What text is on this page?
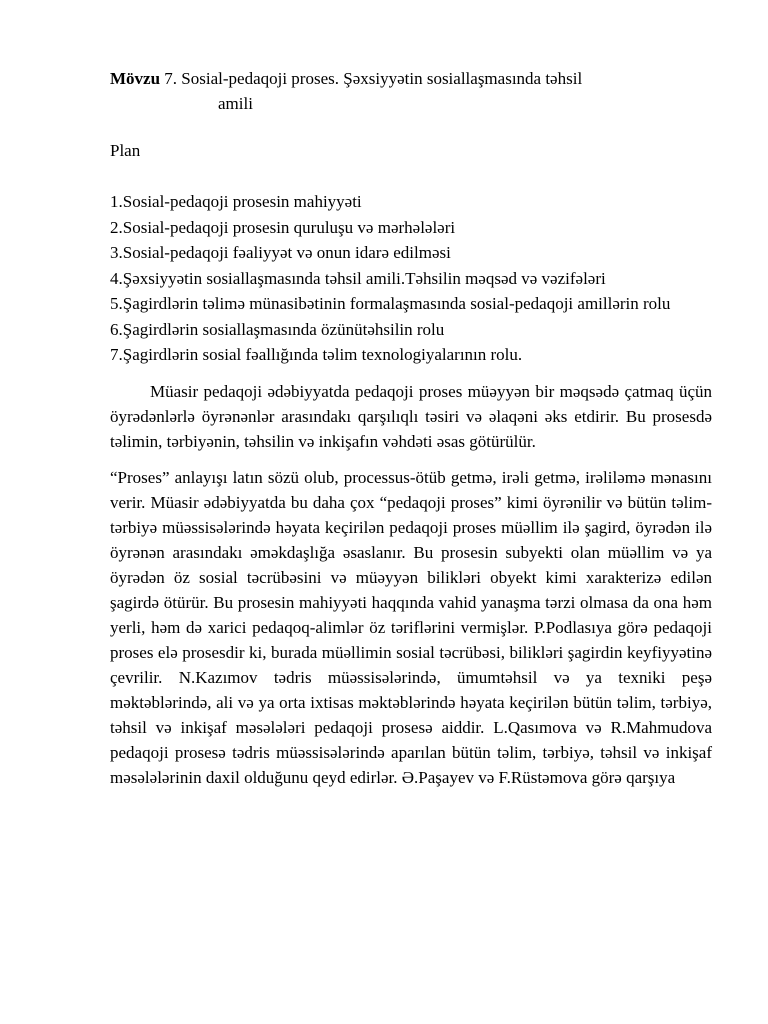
Mövzu 7. Sosial-pedaqoji proses. Şəxsiyyətin sosiallaşmasında təhsil

amili

Plan

1.Sosial-pedaqoji prosesin mahiyyəti
2.Sosial-pedaqoji prosesin quruluşu və mərhələləri
3.Sosial-pedaqoji fəaliyyət və onun idarə edilməsi
4.Şəxsiyyətin sosiallaşmasında təhsil amili.Təhsilin məqsəd və vəzifələri
5.Şagirdlərin təlimə münasibətinin formalaşmasında sosial-pedaqoji amillərin rolu
6.Şagirdlərin sosiallaşmasında özünütəhsilin rolu
7.Şagirdlərin sosial fəallığında təlim texnologiyalarının rolu.

Müasir pedaqoji ədəbiyyatda pedaqoji proses müəyyən bir məqsədə çatmaq üçün öyrədənlərlə öyrənənlər arasındakı qarşılıqlı təsiri və əlaqəni əks etdirir. Bu prosesdə təlimin, tərbiyənin, təhsilin və inkişafın vəhdəti əsas götürülür.

“Proses” anlayışı latın sözü olub, processus-ötüb getmə, irəli getmə, irəliləmə mənasını verir. Müasir ədəbiyyatda bu daha çox “pedaqoji proses” kimi öyrənilir və bütün təlim-tərbiyə müəssisələrində həyata keçirilən pedaqoji proses müəllim ilə şagird, öyrədən ilə öyrənən arasındakı əməkdaşlığa əsaslanır. Bu prosesin subyekti olan müəllim və ya öyrədən öz sosial təcrübəsini və müəyyən bilikləri obyekt kimi xarakterizə edilən şagirdə ötürür. Bu prosesin mahiyyəti haqqında vahid yanaşma tərzi olmasa da ona həm yerli, həm də xarici pedaqoq-alimlər öz təriflərini vermişlər. P.Podlasıya görə pedaqoji proses elə prosesdir ki, burada müəllimin sosial təcrübəsi, bilikləri şagirdin keyfiyyətinə çevrilir. N.Kazımov tədris müəssisələrində, ümumtəhsil və ya texniki peşə məktəblərində, ali və ya orta ixtisas məktəblərində həyata keçirilən bütün təlim, tərbiyə, təhsil və inkişaf məsələləri pedaqoji prosesə aiddir. L.Qasımova və R.Mahmudova pedaqoji prosesə tədris müəssisələrində aparılan bütün təlim, tərbiyə, təhsil və inkişaf məsələlərinin daxil olduğunu qeyd edirlər. Ə.Paşayev və F.Rüstəmova görə qarşıya
